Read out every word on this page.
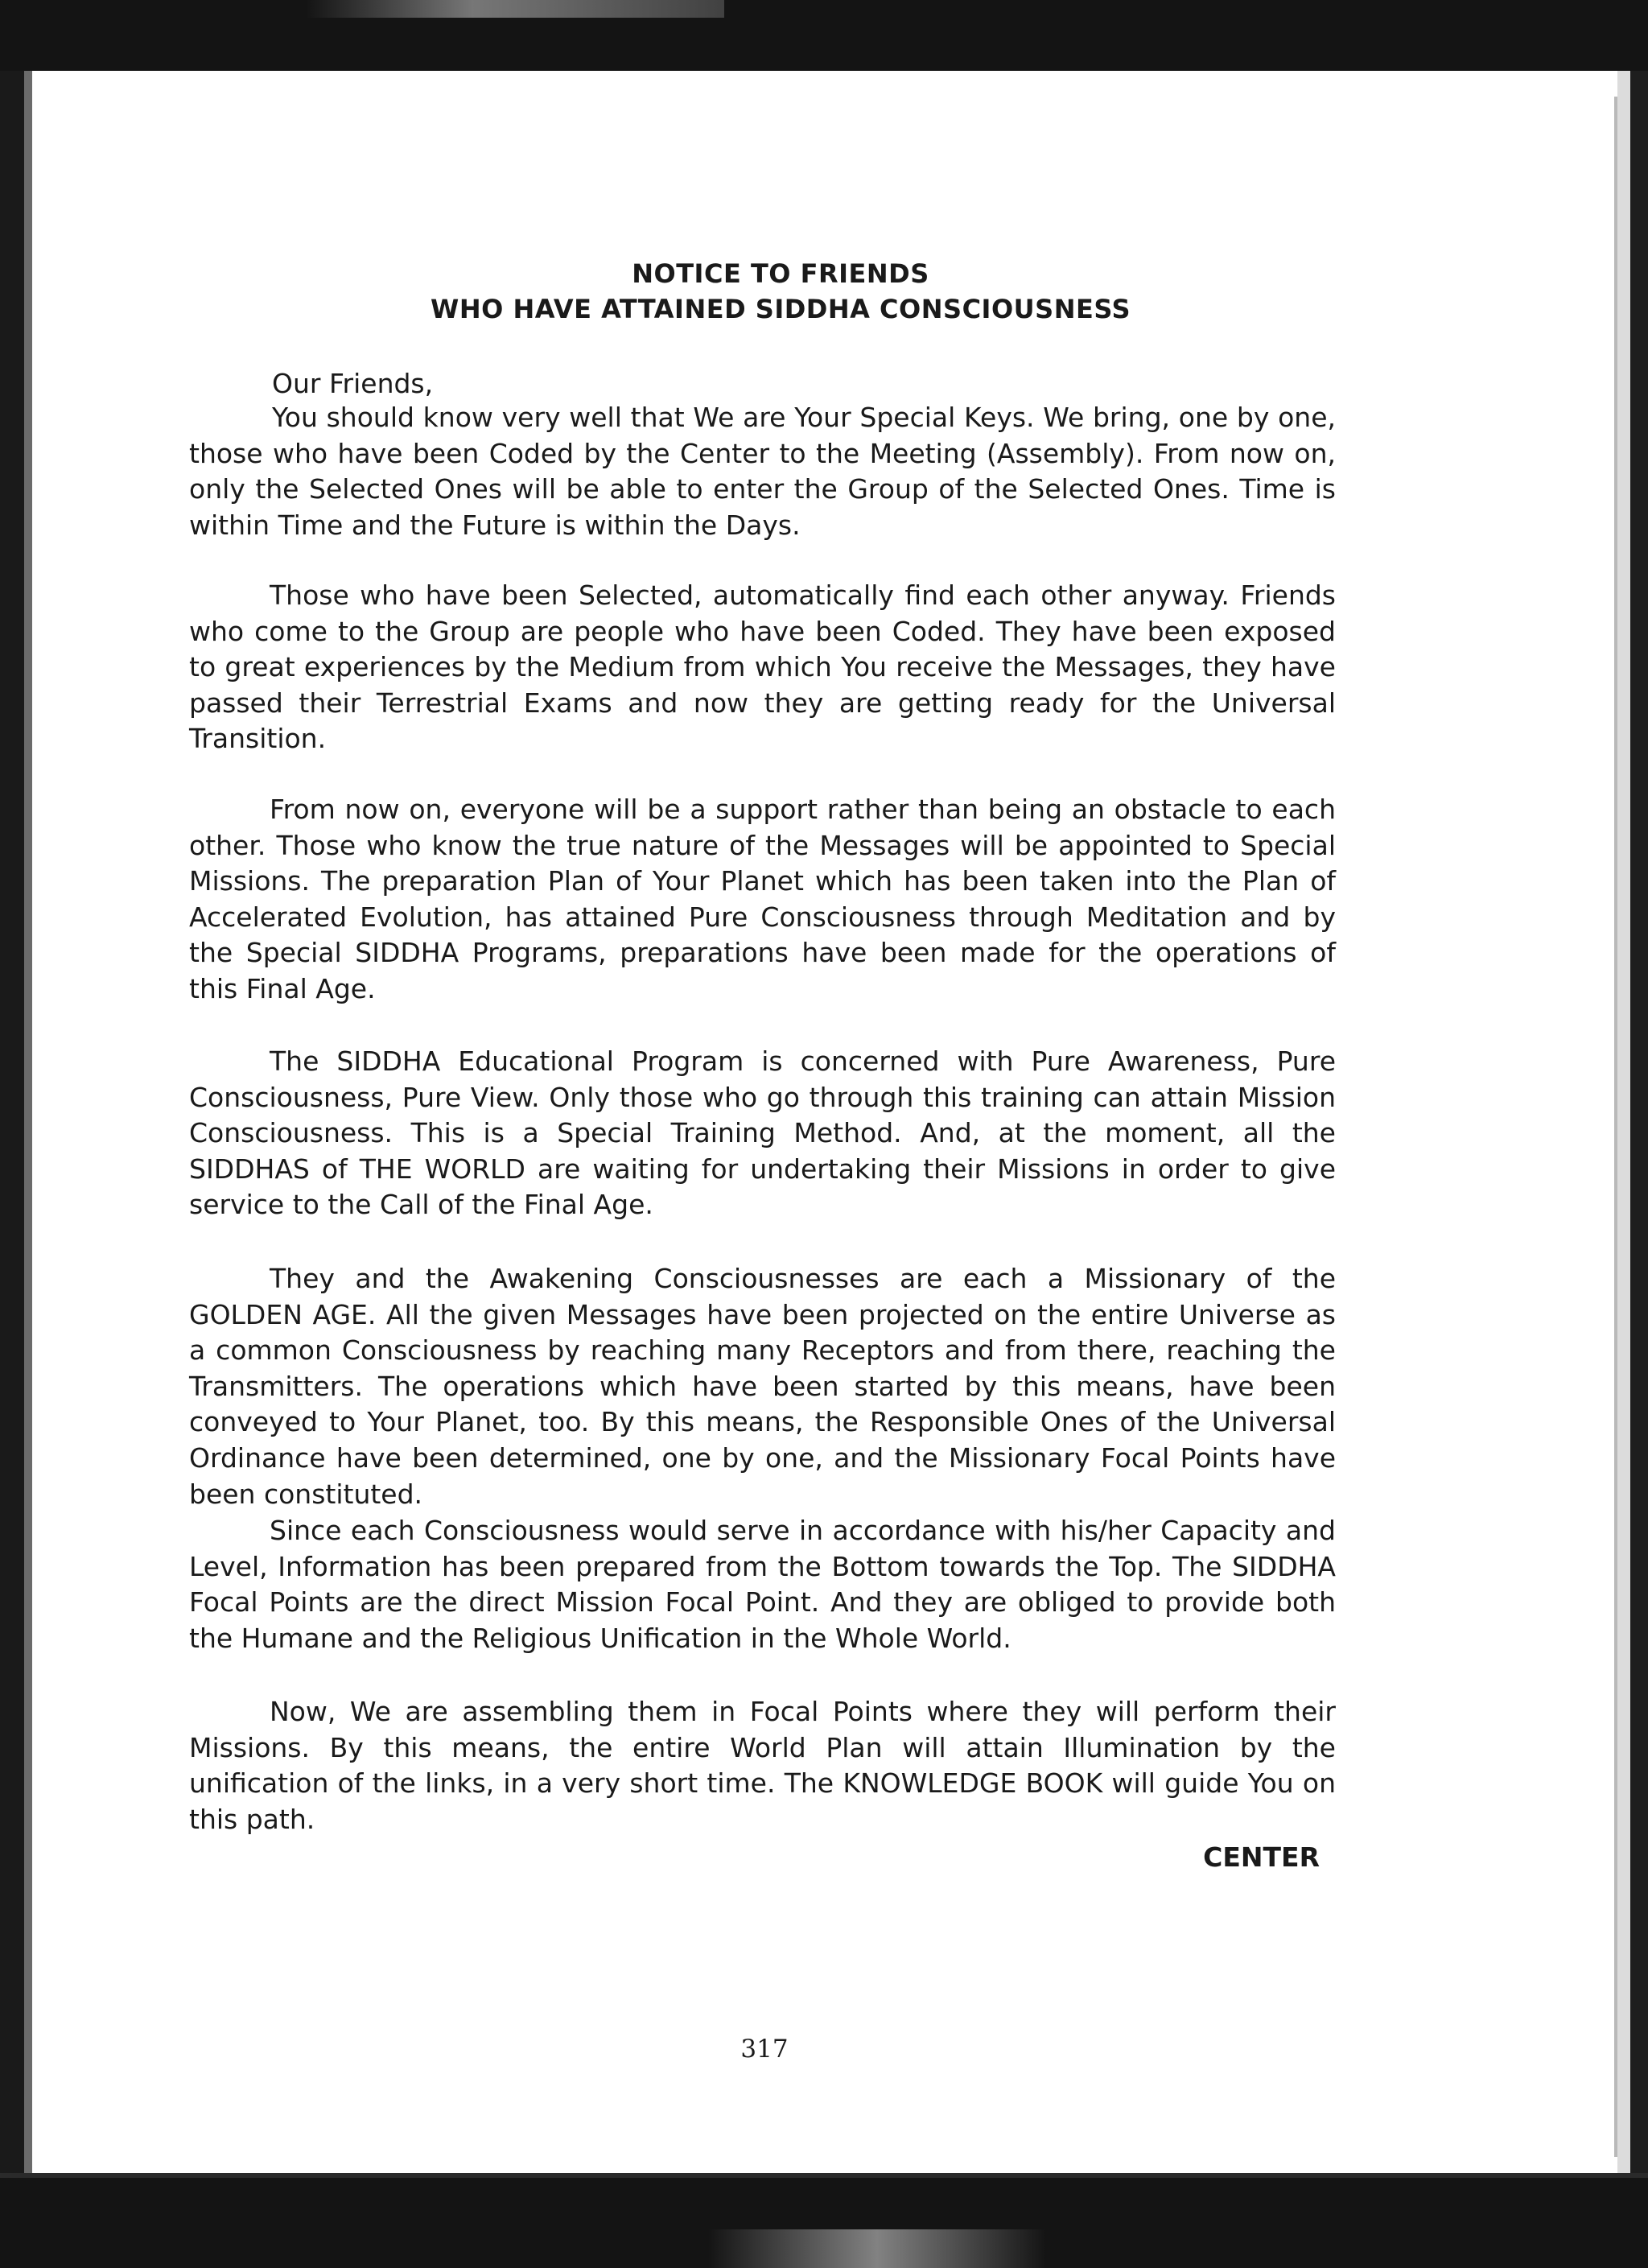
NOTICE TO FRIENDS
WHO HAVE ATTAINED SIDDHA CONSCIOUSNESS
Our Friends,

You should know very well that We are Your Special Keys. We bring, one by one, those who have been Coded by the Center to the Meeting (Assembly). From now on, only the Selected Ones will be able to enter the Group of the Selected Ones. Time is within Time and the Future is within the Days.

Those who have been Selected, automatically find each other anyway. Friends who come to the Group are people who have been Coded. They have been exposed to great experiences by the Medium from which You receive the Messages, they have passed their Terrestrial Exams and now they are getting ready for the Universal Transition.

From now on, everyone will be a support rather than being an obstacle to each other. Those who know the true nature of the Messages will be appointed to Special Missions. The preparation Plan of Your Planet which has been taken into the Plan of Accelerated Evolution, has attained Pure Consciousness through Meditation and by the Special SIDDHA Programs, preparations have been made for the operations of this Final Age.

The SIDDHA Educational Program is concerned with Pure Awareness, Pure Consciousness, Pure View. Only those who go through this training can attain Mission Consciousness. This is a Special Training Method. And, at the moment, all the SIDDHAS of THE WORLD are waiting for undertaking their Missions in order to give service to the Call of the Final Age.

They and the Awakening Consciousnesses are each a Missionary of the GOLDEN AGE. All the given Messages have been projected on the entire Universe as a common Consciousness by reaching many Receptors and from there, reaching the Transmitters. The operations which have been started by this means, have been conveyed to Your Planet, too. By this means, the Responsible Ones of the Universal Ordinance have been determined, one by one, and the Missionary Focal Points have been constituted.

Since each Consciousness would serve in accordance with his/her Capacity and Level, Information has been prepared from the Bottom towards the Top. The SIDDHA Focal Points are the direct Mission Focal Point. And they are obliged to provide both the Humane and the Religious Unification in the Whole World.

Now, We are assembling them in Focal Points where they will perform their Missions. By this means, the entire World Plan will attain Illumination by the unification of the links, in a very short time. The KNOWLEDGE BOOK will guide You on this path.

CENTER
317
